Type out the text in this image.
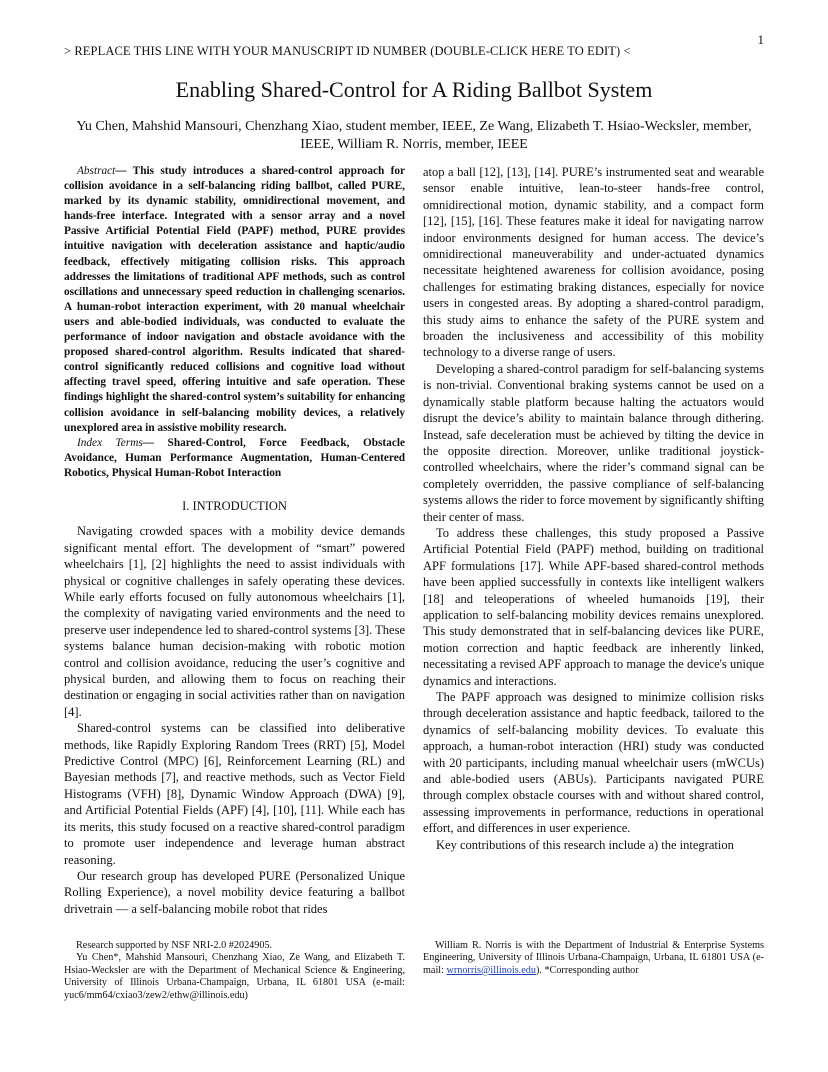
1
> REPLACE THIS LINE WITH YOUR MANUSCRIPT ID NUMBER (DOUBLE-CLICK HERE TO EDIT) <
Enabling Shared-Control for A Riding Ballbot System
Yu Chen, Mahshid Mansouri, Chenzhang Xiao, student member, IEEE, Ze Wang, Elizabeth T. Hsiao-Wecksler, member, IEEE, William R. Norris, member, IEEE

Abstract— This study introduces a shared-control approach for collision avoidance in a self-balancing riding ballbot, called PURE, marked by its dynamic stability, omnidirectional movement, and hands-free interface. Integrated with a sensor array and a novel Passive Artificial Potential Field (PAPF) method, PURE provides intuitive navigation with deceleration assistance and haptic/audio feedback, effectively mitigating collision risks. This approach addresses the limitations of traditional APF methods, such as control oscillations and unnecessary speed reduction in challenging scenarios. A human-robot interaction experiment, with 20 manual wheelchair users and able-bodied individuals, was conducted to evaluate the performance of indoor navigation and obstacle avoidance with the proposed shared-control algorithm. Results indicated that shared-control significantly reduced collisions and cognitive load without affecting travel speed, offering intuitive and safe operation. These findings highlight the shared-control system’s suitability for enhancing collision avoidance in self-balancing mobility devices, a relatively unexplored area in assistive mobility research.

Index Terms— Shared-Control, Force Feedback, Obstacle Avoidance, Human Performance Augmentation, Human-Centered Robotics, Physical Human-Robot Interaction

I. INTRODUCTION

Navigating crowded spaces with a mobility device demands significant mental effort. The development of “smart” powered wheelchairs [1], [2] highlights the need to assist individuals with physical or cognitive challenges in safely operating these devices. While early efforts focused on fully autonomous wheelchairs [1], the complexity of navigating varied environments and the need to preserve user independence led to shared-control systems [3]. These systems balance human decision-making with robotic motion control and collision avoidance, reducing the user’s cognitive and physical burden, and allowing them to focus on reaching their destination or engaging in social activities rather than on navigation [4].

Shared-control systems can be classified into deliberative methods, like Rapidly Exploring Random Trees (RRT) [5], Model Predictive Control (MPC) [6], Reinforcement Learning (RL) and Bayesian methods [7], and reactive methods, such as Vector Field Histograms (VFH) [8], Dynamic Window Approach (DWA) [9], and Artificial Potential Fields (APF) [4], [10], [11]. While each has its merits, this study focused on a reactive shared-control paradigm to promote user independence and leverage human abstract reasoning.

Our research group has developed PURE (Personalized Unique Rolling Experience), a novel mobility device featuring a ballbot drivetrain — a self-balancing mobile robot that rides

atop a ball [12], [13], [14]. PURE’s instrumented seat and wearable sensor enable intuitive, lean-to-steer hands-free control, omnidirectional motion, dynamic stability, and a compact form [12], [15], [16]. These features make it ideal for navigating narrow indoor environments designed for human access. The device’s omnidirectional maneuverability and under-actuated dynamics necessitate heightened awareness for collision avoidance, posing challenges for estimating braking distances, especially for novice users in congested areas. By adopting a shared-control paradigm, this study aims to enhance the safety of the PURE system and broaden the inclusiveness and accessibility of this mobility technology to a diverse range of users.

Developing a shared-control paradigm for self-balancing systems is non-trivial. Conventional braking systems cannot be used on a dynamically stable platform because halting the actuators would disrupt the device’s ability to maintain balance through dithering. Instead, safe deceleration must be achieved by tilting the device in the opposite direction. Moreover, unlike traditional joystick-controlled wheelchairs, where the rider’s command signal can be completely overridden, the passive compliance of self-balancing systems allows the rider to force movement by significantly shifting their center of mass.

To address these challenges, this study proposed a Passive Artificial Potential Field (PAPF) method, building on traditional APF formulations [17]. While APF-based shared-control methods have been applied successfully in contexts like intelligent walkers [18] and teleoperations of wheeled humanoids [19], their application to self-balancing mobility devices remains unexplored. This study demonstrated that in self-balancing devices like PURE, motion correction and haptic feedback are inherently linked, necessitating a revised APF approach to manage the device's unique dynamics and interactions.

The PAPF approach was designed to minimize collision risks through deceleration assistance and haptic feedback, tailored to the dynamics of self-balancing mobility devices. To evaluate this approach, a human-robot interaction (HRI) study was conducted with 20 participants, including manual wheelchair users (mWCUs) and able-bodied users (ABUs). Participants navigated PURE through complex obstacle courses with and without shared control, assessing improvements in performance, reductions in operational effort, and differences in user experience.

Key contributions of this research include a) the integration

Research supported by NSF NRI-2.0 #2024905.

Yu Chen*, Mahshid Mansouri, Chenzhang Xiao, Ze Wang, and Elizabeth T. Hsiao-Wecksler are with the Department of Mechanical Science & Engineering, University of Illinois Urbana-Champaign, Urbana, IL 61801 USA (e-mail: yuc6/mm64/cxiao3/zew2/ethw@illinois.edu)

William R. Norris is with the Department of Industrial & Enterprise Systems Engineering, University of Illinois Urbana-Champaign, Urbana, IL 61801 USA (e-mail: wrnorris@illinois.edu). *Corresponding author
